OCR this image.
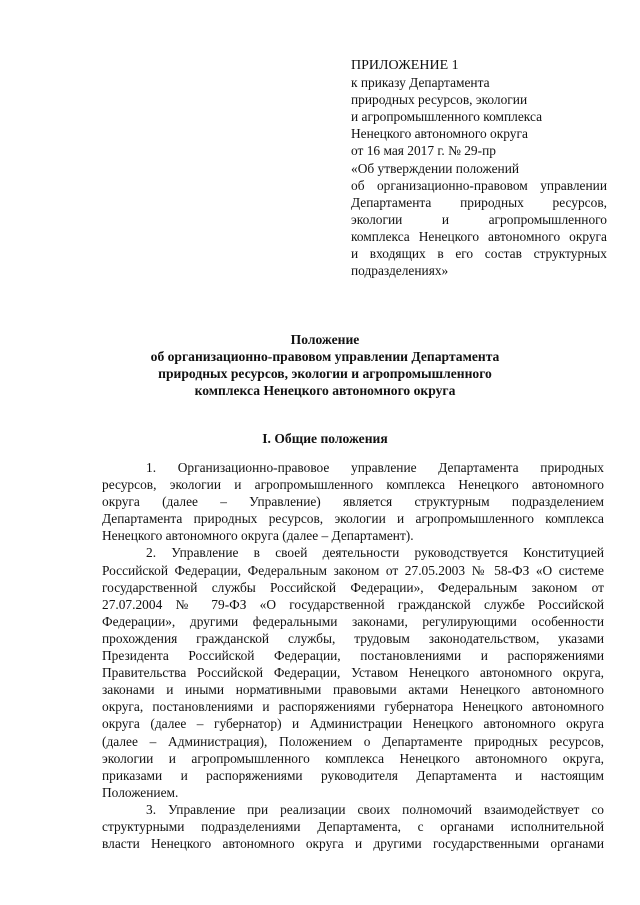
ПРИЛОЖЕНИЕ 1
к приказу Департамента
природных ресурсов, экологии
и агропромышленного комплекса
Ненецкого автономного округа
от 16 мая 2017 г. № 29-пр
«Об утверждении положений
об организационно-правовом управлении
Департамента природных ресурсов,
экологии и агропромышленного
комплекса Ненецкого автономного округа
и входящих в его состав структурных
подразделениях»
Положение
об организационно-правовом управлении Департамента
природных ресурсов, экологии и агропромышленного
комплекса Ненецкого автономного округа
I. Общие положения

1. Организационно-правовое управление Департамента природных
ресурсов, экологии и агропромышленного комплекса Ненецкого автономного
округа (далее – Управление) является структурным подразделением
Департамента природных ресурсов, экологии и агропромышленного комплекса
Ненецкого автономного округа (далее – Департамент).

2. Управление в своей деятельности руководствуется Конституцией
Российской Федерации, Федеральным законом от 27.05.2003 № 58-ФЗ «О системе
государственной службы Российской Федерации», Федеральным законом от
27.07.2004 № 79-ФЗ «О государственной гражданской службе Российской
Федерации», другими федеральными законами, регулирующими особенности
прохождения гражданской службы, трудовым законодательством, указами
Президента Российской Федерации, постановлениями и распоряжениями
Правительства Российской Федерации, Уставом Ненецкого автономного округа,
законами и иными нормативными правовыми актами Ненецкого автономного
округа, постановлениями и распоряжениями губернатора Ненецкого автономного
округа (далее – губернатор) и Администрации Ненецкого автономного округа
(далее – Администрация), Положением о Департаменте природных ресурсов,
экологии и агропромышленного комплекса Ненецкого автономного округа,
приказами и распоряжениями руководителя Департамента и настоящим
Положением.

3. Управление при реализации своих полномочий взаимодействует со
структурными подразделениями Департамента, с органами исполнительной
власти Ненецкого автономного округа и другими государственными органами
